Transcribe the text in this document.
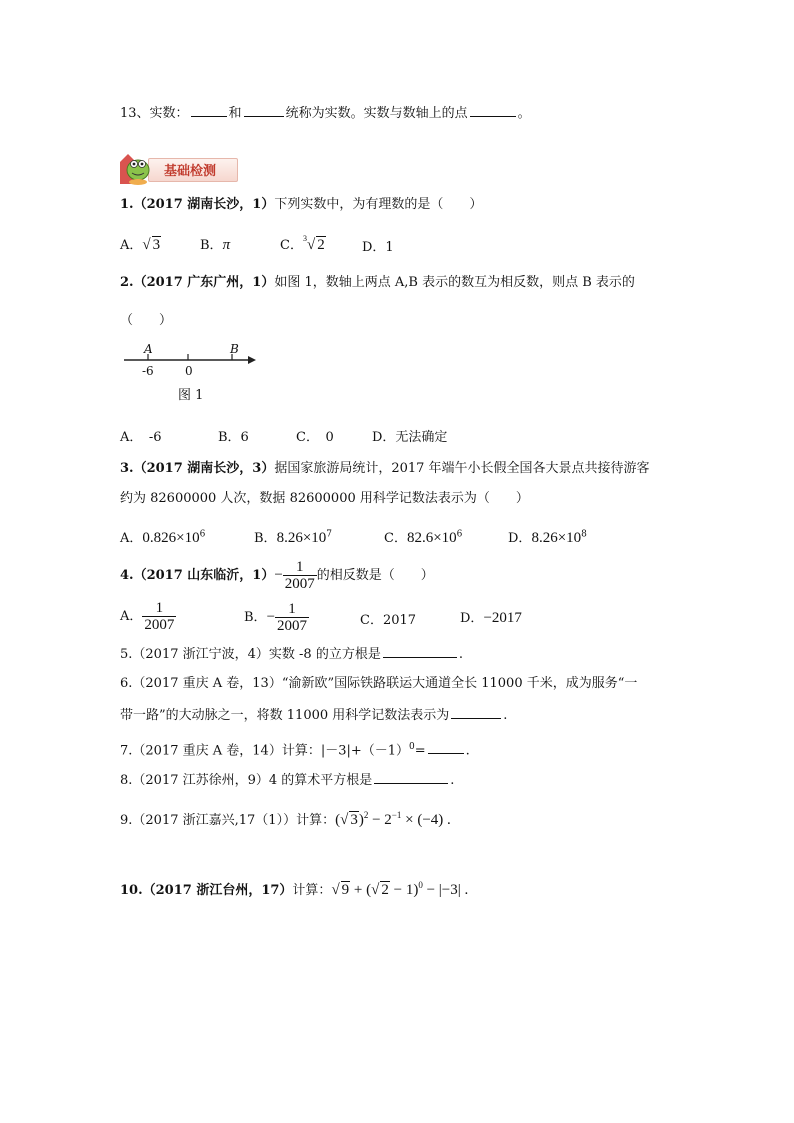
13、实数：	和	统称为实数。实数与数轴上的点	。
基础检测
1.（2017 湖南长沙，1）下列实数中，为有理数的是（　　）
A．√ 3	B．π	C．$^3$√ 2	D．1
2.（2017 广东广州，1）如图 1，数轴上两点 A,B 表示的数互为相反数，则点 B 表示的
（　　）
A	B
-6	0
图 1
A．　-6	B．6	C．　0	D．无法确定
3.（2017 湖南长沙，3）据国家旅游局统计，2017 年端午小长假全国各大景点共接待游客
约为 82600000 人次，数据 82600000 用科学记数法表示为（　　）
A．$0.826\times 10^6$	B．$8.26\times 10^7$	C．$82.6\times 10^6$	D．$8.26\times 10^8$
4.（2017 山东临沂，$1)- \frac{1}{2007}$ 的相反数是（　　）
A． $\frac{1}{2007}$	B．− $\frac{1}{2007}$	C．2017	D．−2017
5.（2017 浙江宁波，4）实数 -8 的立方根是	.
6.（2017 重庆 A 卷，13）“渝新欧”国际铁路联运大通道全长 11000 千米，成为服务“一
带一路”的大动脉之一，将数 11000 用科学记数法表示为	.
7.（2017 重庆 A 卷，14）计算：$|-3|+(-1)^0=$	.
8.（2017 江苏徐州，9）4 的算术平方根是	.
9.（2017 浙江嘉兴,17（1））计算：(√ $3)^2 - 2^{-1} \times (-4)$ .
10.（2017 浙江台州，17）计算：√ 9 + (√ 2 − 1)$^0$ − |−3| .
